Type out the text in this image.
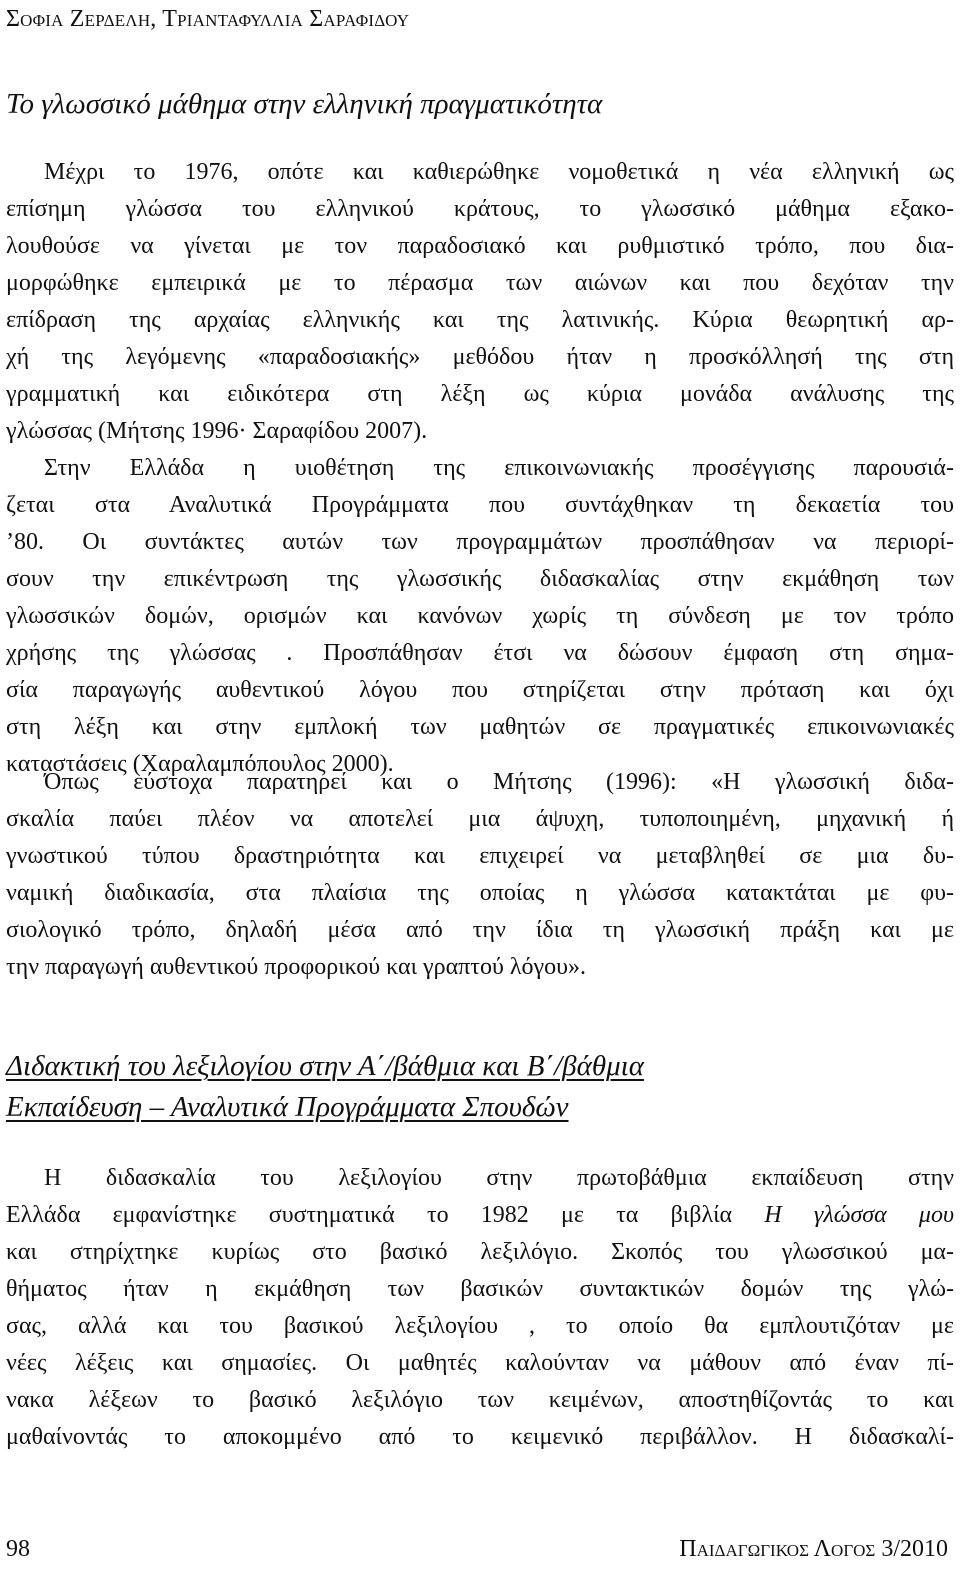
Σοφια Ζερδελη, Τριανταφυλλια Σαραφιδου
Το γλωσσικό μάθημα στην ελληνική πραγματικότητα
Μέχρι το 1976, οπότε και καθιερώθηκε νομοθετικά η νέα ελληνική ως
επίσημη γλώσσα του ελληνικού κράτους, το γλωσσικό μάθημα εξακο-
λουθούσε να γίνεται με τον παραδοσιακό και ρυθμιστικό τρόπο, που δια-
μορφώθηκε εμπειρικά με το πέρασμα των αιώνων και που δεχόταν την
επίδραση της αρχαίας ελληνικής και της λατινικής. Κύρια θεωρητική αρ-
χή της λεγόμενης «παραδοσιακής» μεθόδου ήταν η προσκόλλησή της στη
γραμματική και ειδικότερα στη λέξη ως κύρια μονάδα ανάλυσης της
γλώσσας (Μήτσης 1996· Σαραφίδου 2007).
Στην Ελλάδα η υιοθέτηση της επικοινωνιακής προσέγγισης παρουσιά-
ζεται στα Αναλυτικά Προγράμματα που συντάχθηκαν τη δεκαετία του
’80. Οι συντάκτες αυτών των προγραμμάτων προσπάθησαν να περιορί-
σουν την επικέντρωση της γλωσσικής διδασκαλίας στην εκμάθηση των
γλωσσικών δομών, ορισμών και κανόνων χωρίς τη σύνδεση με τον τρόπο
χρήσης της γλώσσας . Προσπάθησαν έτσι να δώσουν έμφαση στη σημα-
σία παραγωγής αυθεντικού λόγου που στηρίζεται στην πρόταση και όχι
στη λέξη και στην εμπλοκή των μαθητών σε πραγματικές επικοινωνιακές
καταστάσεις (Χαραλαμπόπουλος 2000).
Όπως εύστοχα παρατηρεί και ο Μήτσης (1996): «Η γλωσσική διδα-
σκαλία παύει πλέον να αποτελεί μια άψυχη, τυποποιημένη, μηχανική ή
γνωστικού τύπου δραστηριότητα και επιχειρεί να μεταβληθεί σε μια δυ-
ναμική διαδικασία, στα πλαίσια της οποίας η γλώσσα κατακτάται με φυ-
σιολογικό τρόπο, δηλαδή μέσα από την ίδια τη γλωσσική πράξη και με
την παραγωγή αυθεντικού προφορικού και γραπτού λόγου».
Διδακτική του λεξιλογίου στην Α΄/βάθμια και Β΄/βάθμια
Εκπαίδευση – Αναλυτικά Προγράμματα Σπουδών
Η διδασκαλία του λεξιλογίου στην πρωτοβάθμια εκπαίδευση στην
Ελλάδα εμφανίστηκε συστηματικά το 1982 με τα βιβλία Η γλώσσα μου
και στηρίχτηκε κυρίως στο βασικό λεξιλόγιο. Σκοπός του γλωσσικού μα-
θήματος ήταν η εκμάθηση των βασικών συντακτικών δομών της γλώ-
σας, αλλά και του βασικού λεξιλογίου , το οποίο θα εμπλουτιζόταν με
νέες λέξεις και σημασίες. Οι μαθητές καλούνταν να μάθουν από έναν πί-
νακα λέξεων το βασικό λεξιλόγιο των κειμένων, αποστηθίζοντάς το και
μαθαίνοντάς το αποκομμένο από το κειμενικό περιβάλλον. Η διδασκαλί-
98	Παιδαγωγικος Λογος 3/2010
